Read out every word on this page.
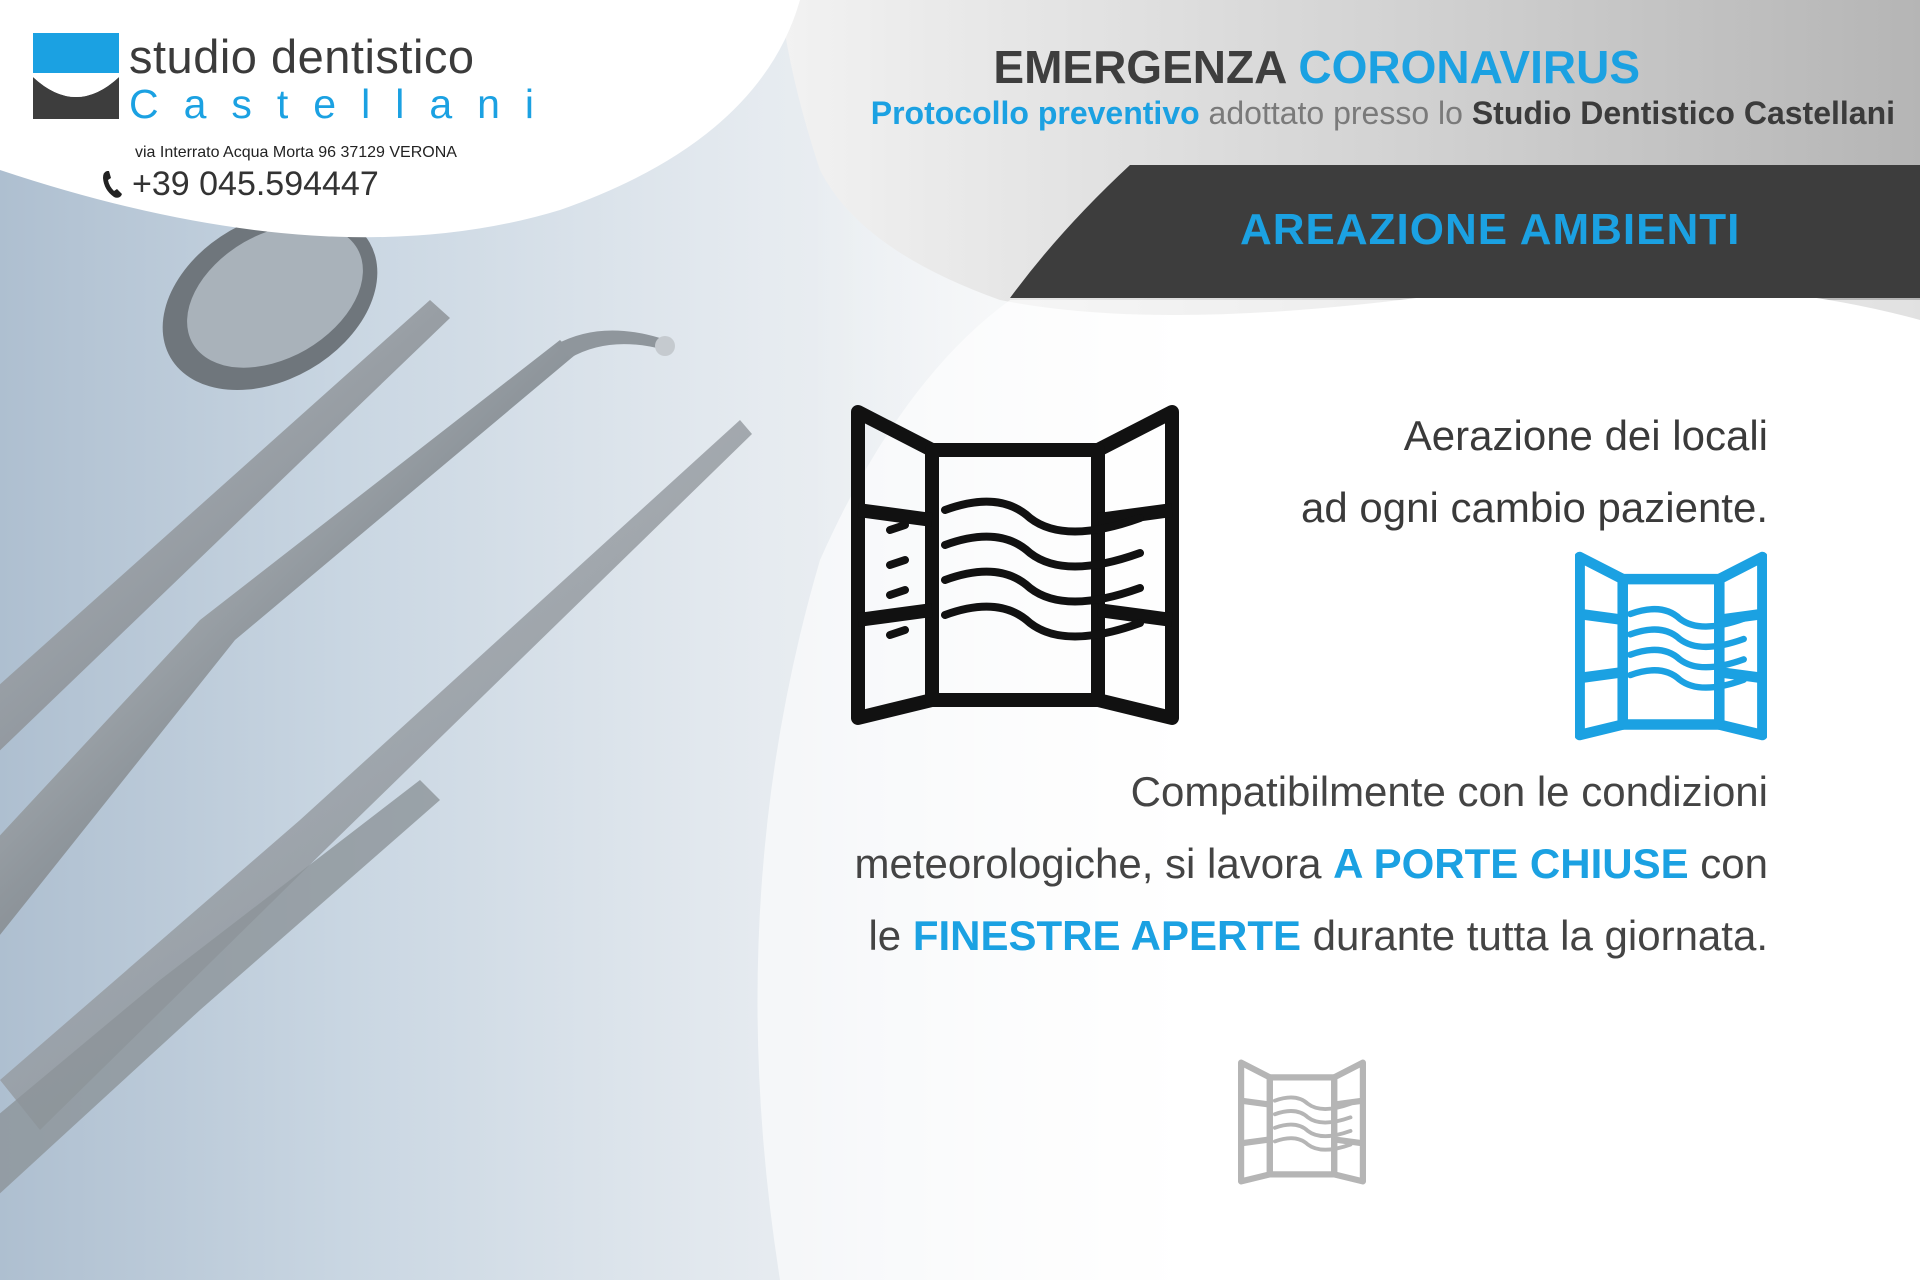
studio dentistico
Castellani
via Interrato Acqua Morta 96 37129 VERONA
+39 045.594447
EMERGENZA CORONAVIRUS
Protocollo preventivo adottato presso lo Studio Dentistico Castellani
AREAZIONE AMBIENTI
Aerazione dei locali
ad ogni cambio paziente.
Compatibilmente con le condizioni
meteorologiche, si lavora A PORTE CHIUSE con
le FINESTRE APERTE durante tutta la giornata.
